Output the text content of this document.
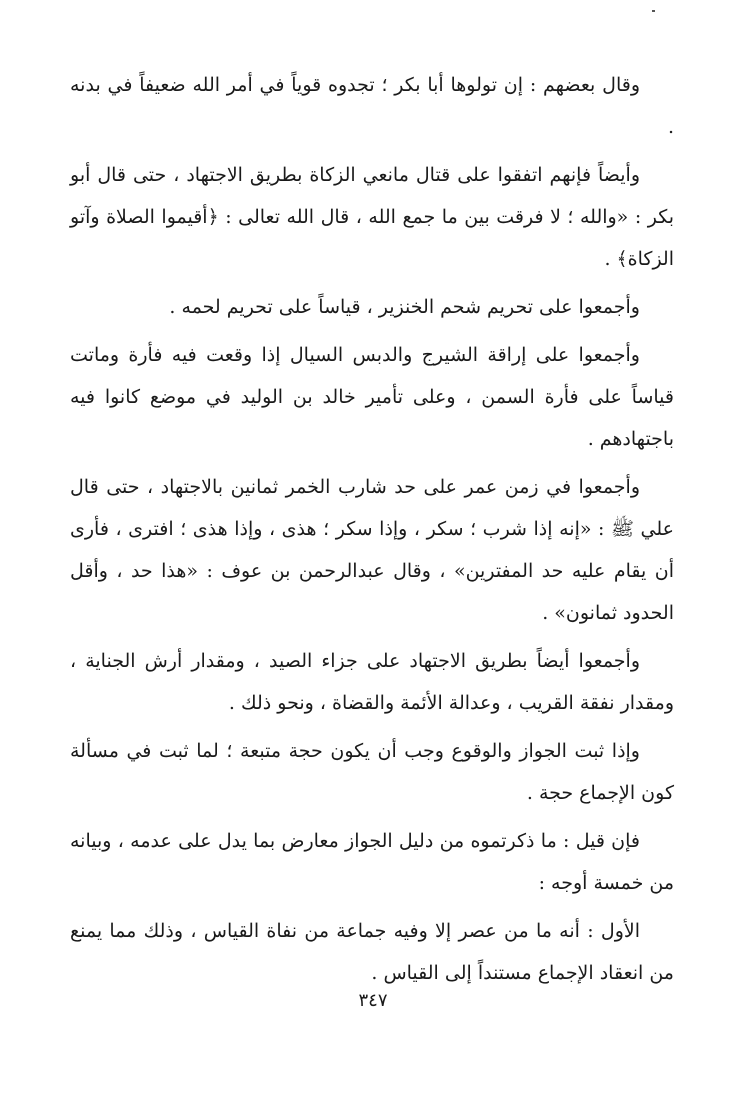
وقال بعضهم : إن تولوها أبا بكر ؛ تجدوه قوياً في أمر الله ضعيفاً في بدنه .

وأيضاً فإنهم اتفقوا على قتال مانعي الزكاة بطريق الاجتهاد ، حتى قال أبو بكر : «والله ؛ لا فرقت بين ما جمع الله ، قال الله تعالى : ﴿أقيموا الصلاة وآتو الزكاة﴾ .

وأجمعوا على تحريم شحم الخنزير ، قياساً على تحريم لحمه .

وأجمعوا على إراقة الشيرج والدبس السيال إذا وقعت فيه فأرة وماتت قياساً على فأرة السمن ، وعلى تأمير خالد بن الوليد في موضع كانوا فيه باجتهادهم .

وأجمعوا في زمن عمر على حد شارب الخمر ثمانين بالاجتهاد ، حتى قال علي ﷺ : «إنه إذا شرب ؛ سكر ، وإذا سكر ؛ هذى ، وإذا هذى ؛ افترى ، فأرى أن يقام عليه حد المفترين» ، وقال عبدالرحمن بن عوف : «هذا حد ، وأقل الحدود ثمانون» .

وأجمعوا أيضاً بطريق الاجتهاد على جزاء الصيد ، ومقدار أرش الجناية ، ومقدار نفقة القريب ، وعدالة الأئمة والقضاة ، ونحو ذلك .

وإذا ثبت الجواز والوقوع وجب أن يكون حجة متبعة ؛ لما ثبت في مسألة كون الإجماع حجة .

فإن قيل : ما ذكرتموه من دليل الجواز معارض بما يدل على عدمه ، وبيانه من خمسة أوجه :

الأول : أنه ما من عصر إلا وفيه جماعة من نفاة القياس ، وذلك مما يمنع من انعقاد الإجماع مستنداً إلى القياس .

٣٤٧
